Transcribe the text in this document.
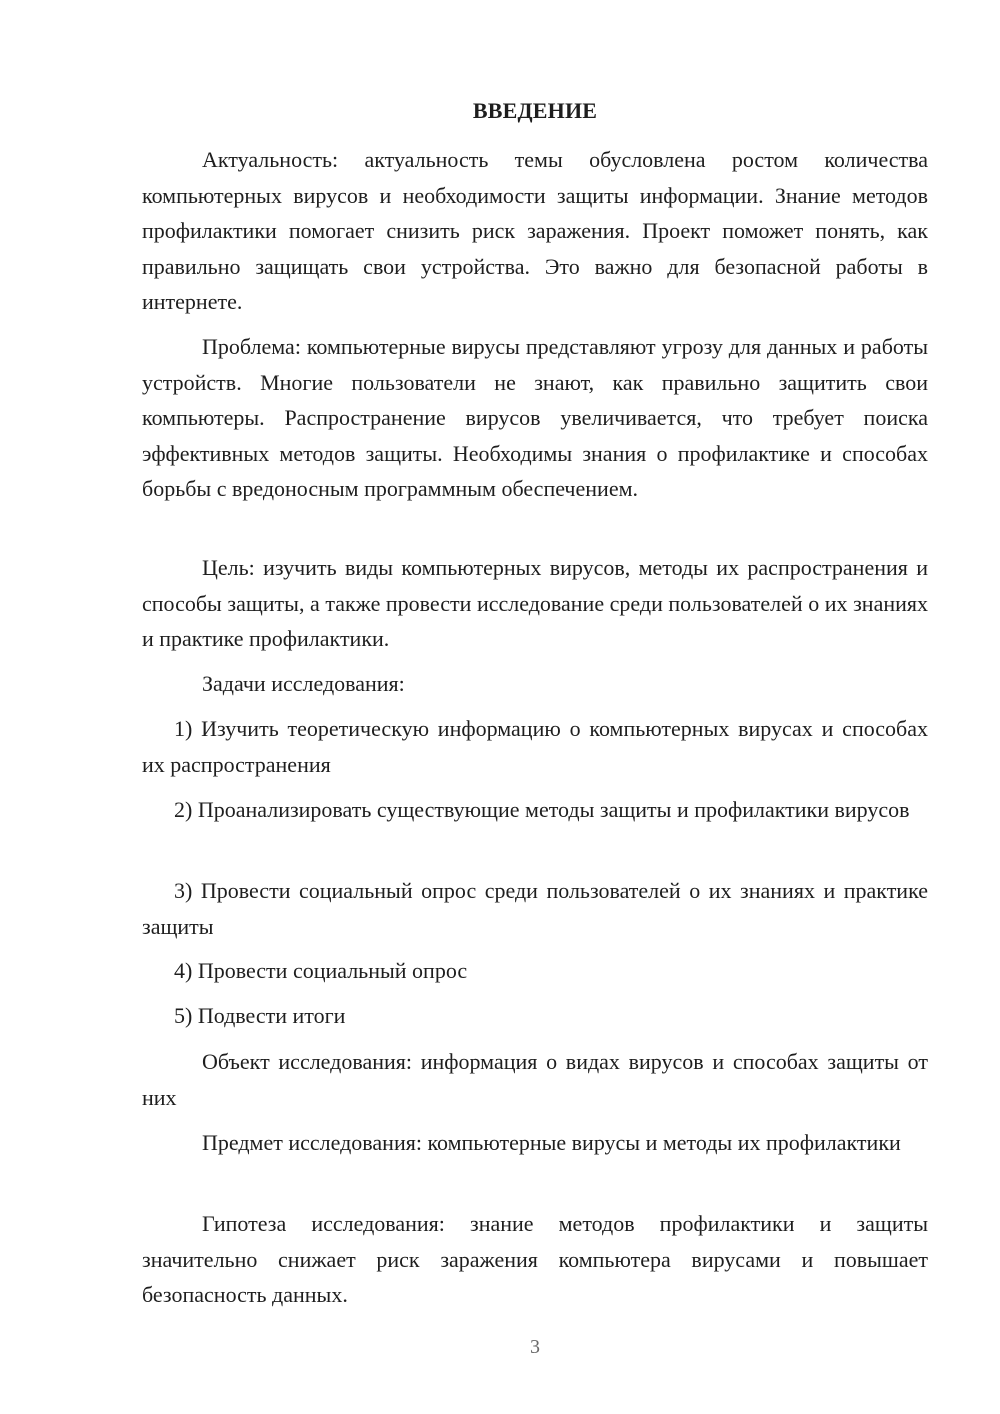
ВВЕДЕНИЕ

Актуальность: актуальность темы обусловлена ростом количества компьютерных вирусов и необходимости защиты информации. Знание методов профилактики помогает снизить риск заражения. Проект поможет понять, как правильно защищать свои устройства. Это важно для безопасной работы в интернете.

Проблема: компьютерные вирусы представляют угрозу для данных и работы устройств. Многие пользователи не знают, как правильно защитить свои компьютеры. Распространение вирусов увеличивается, что требует поиска эффективных методов защиты. Необходимы знания о профилактике и способах борьбы с вредоносным программным обеспечением.

Цель: изучить виды компьютерных вирусов, методы их распространения и способы защиты, а также провести исследование среди пользователей о их знаниях и практике профилактики.

Задачи исследования:

1) Изучить теоретическую информацию о компьютерных вирусах и способах их распространения

2) Проанализировать существующие методы защиты и профилактики вирусов

3) Провести социальный опрос среди пользователей о их знаниях и практике защиты

4) Провести социальный опрос

5) Подвести итоги

Объект исследования: информация о видах вирусов и способах защиты от них

Предмет исследования: компьютерные вирусы и методы их профилактики

Гипотеза исследования: знание методов профилактики и защиты значительно снижает риск заражения компьютера вирусами и повышает безопасность данных.

3
